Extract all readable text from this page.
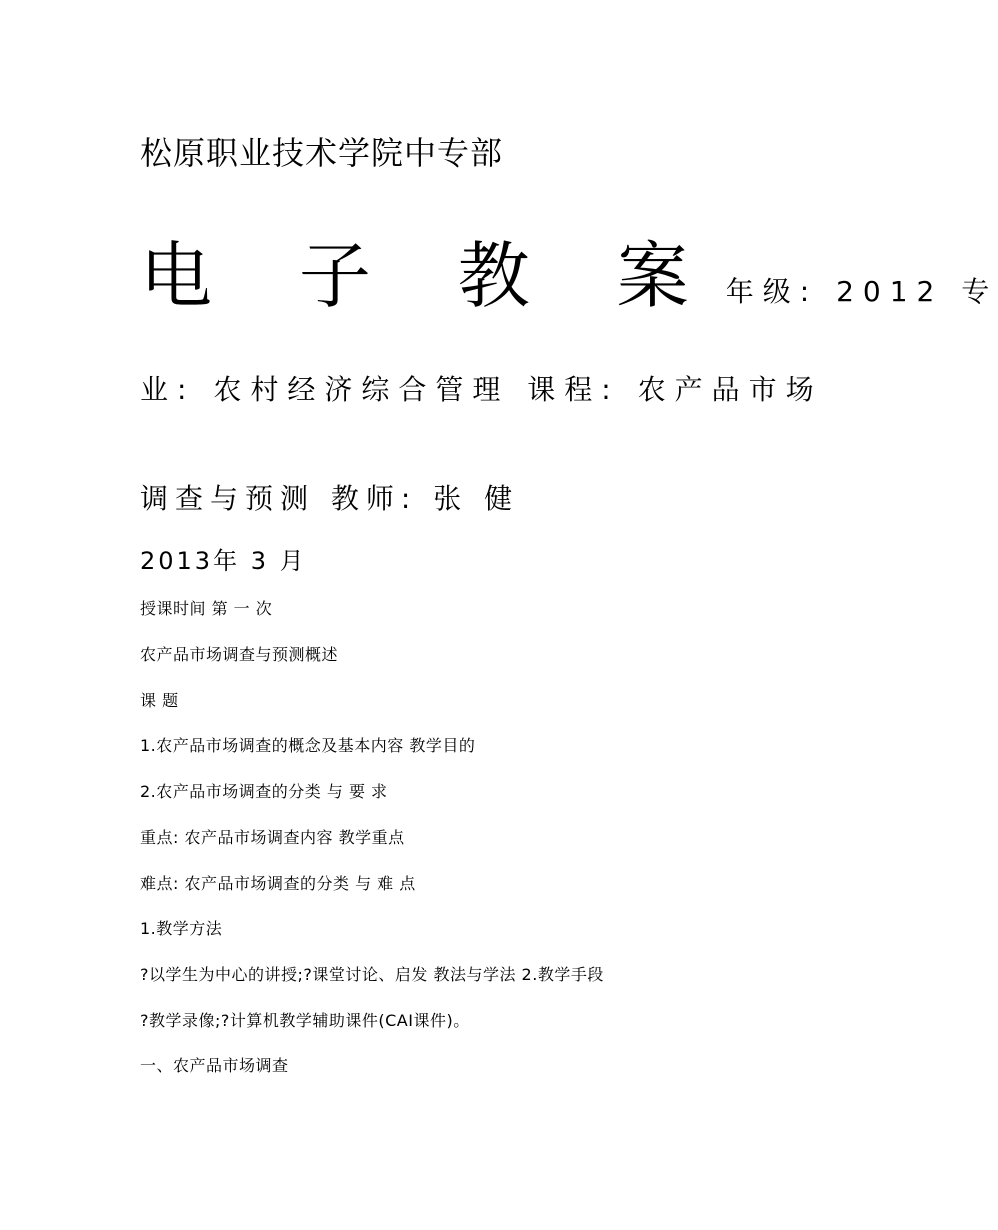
松原职业技术学院中专部
电 子 教 案 年级: 2012 专
业: 农村经济综合管理 课程: 农产品市场
调查与预测 教师: 张 健
2013年 3 月
授课时间 第 一 次
农产品市场调查与预测概述
课 题
1.农产品市场调查的概念及基本内容 教学目的
2.农产品市场调查的分类 与 要 求
重点: 农产品市场调查内容 教学重点
难点: 农产品市场调查的分类 与 难 点
1.教学方法
?以学生为中心的讲授;?课堂讨论、启发 教法与学法 2.教学手段
?教学录像;?计算机教学辅助课件(CAI课件)。
一、农产品市场调查
